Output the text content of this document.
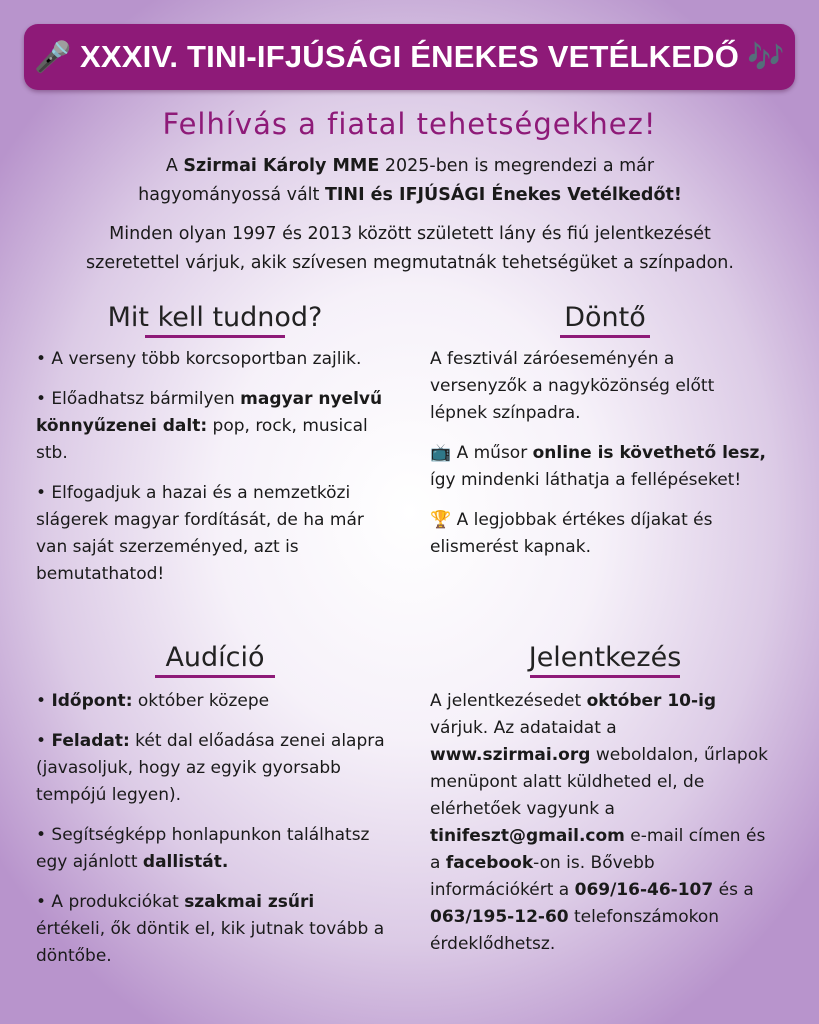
🎤 XXXIV. TINI-IFJÚSÁGI ÉNEKES VETÉLKEDŐ 🎶
Felhívás a fiatal tehetségekhez!
A Szirmai Károly MME 2025-ben is megrendezi a már
hagyományossá vált TINI és IFJÚSÁGI Énekes Vetélkedőt!
Minden olyan 1997 és 2013 között született lány és fiú jelentkezését
szeretettel várjuk, akik szívesen megmutatnák tehetségüket a színpadon.
Mit kell tudnod?

• A verseny több korcsoportban zajlik.

• Előadhatsz bármilyen magyar nyelvű könnyűzenei dalt: pop, rock, musical stb.

• Elfogadjuk a hazai és a nemzetközi slágerek magyar fordítását, de ha már van saját szerzeményed, azt is bemutathatod!

Döntő

A fesztivál záróeseményén a versenyzők a nagyközönség előtt lépnek színpadra.

📺 A műsor online is követhető lesz, így mindenki láthatja a fellépéseket!

🏆 A legjobbak értékes díjakat és elismerést kapnak.

Audíció

• Időpont: október közepe

• Feladat: két dal előadása zenei alapra (javasoljuk, hogy az egyik gyorsabb tempójú legyen).

• Segítségképp honlapunkon találhatsz egy ajánlott dallistát.

• A produkciókat szakmai zsűri értékeli, ők döntik el, kik jutnak tovább a döntőbe.

Jelentkezés

A jelentkezésedet október 10-ig várjuk. Az adataidat a www.szirmai.org weboldalon, űrlapok menüpont alatt küldheted el, de elérhetőek vagyunk a tinifeszt@gmail.com e-mail címen és a facebook-on is. Bővebb információkért a 069/16-46-107 és a 063/195-12-60 telefonszámokon érdeklődhetsz.
